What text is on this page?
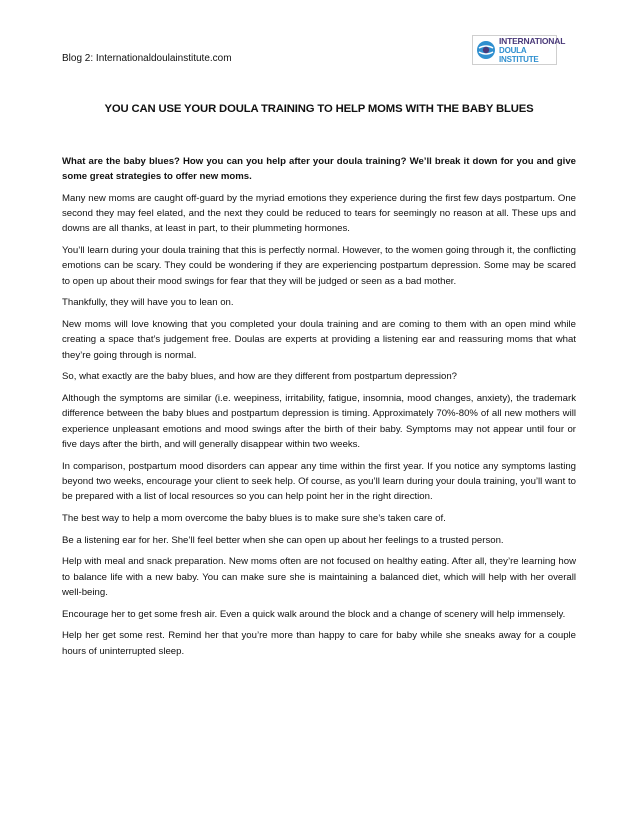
Blog 2: Internationaldoulainstitute.com
INTERNATIONAL
DOULA INSTITUTE
YOU CAN USE YOUR DOULA TRAINING TO HELP MOMS WITH THE BABY BLUES

What are the baby blues? How you can you help after your doula training? We’ll break it down for you and give some great strategies to offer new moms.

Many new moms are caught off-guard by the myriad emotions they experience during the first few days postpartum. One second they may feel elated, and the next they could be reduced to tears for seemingly no reason at all. These ups and downs are all thanks, at least in part, to their plummeting hormones.

You’ll learn during your doula training that this is perfectly normal. However, to the women going through it, the conflicting emotions can be scary. They could be wondering if they are experiencing postpartum depression. Some may be scared to open up about their mood swings for fear that they will be judged or seen as a bad mother.

Thankfully, they will have you to lean on.

New moms will love knowing that you completed your doula training and are coming to them with an open mind while creating a space that’s judgement free. Doulas are experts at providing a listening ear and reassuring moms that what they’re going through is normal.

So, what exactly are the baby blues, and how are they different from postpartum depression?

Although the symptoms are similar (i.e. weepiness, irritability, fatigue, insomnia, mood changes, anxiety), the trademark difference between the baby blues and postpartum depression is timing. Approximately 70%-80% of all new mothers will experience unpleasant emotions and mood swings after the birth of their baby. Symptoms may not appear until four or five days after the birth, and will generally disappear within two weeks.

In comparison, postpartum mood disorders can appear any time within the first year. If you notice any symptoms lasting beyond two weeks, encourage your client to seek help. Of course, as you’ll learn during your doula training, you’ll want to be prepared with a list of local resources so you can help point her in the right direction.

The best way to help a mom overcome the baby blues is to make sure she’s taken care of.

Be a listening ear for her. She’ll feel better when she can open up about her feelings to a trusted person.

Help with meal and snack preparation. New moms often are not focused on healthy eating. After all, they’re learning how to balance life with a new baby. You can make sure she is maintaining a balanced diet, which will help with her overall well-being.

Encourage her to get some fresh air. Even a quick walk around the block and a change of scenery will help immensely.

Help her get some rest. Remind her that you’re more than happy to care for baby while she sneaks away for a couple hours of uninterrupted sleep.
